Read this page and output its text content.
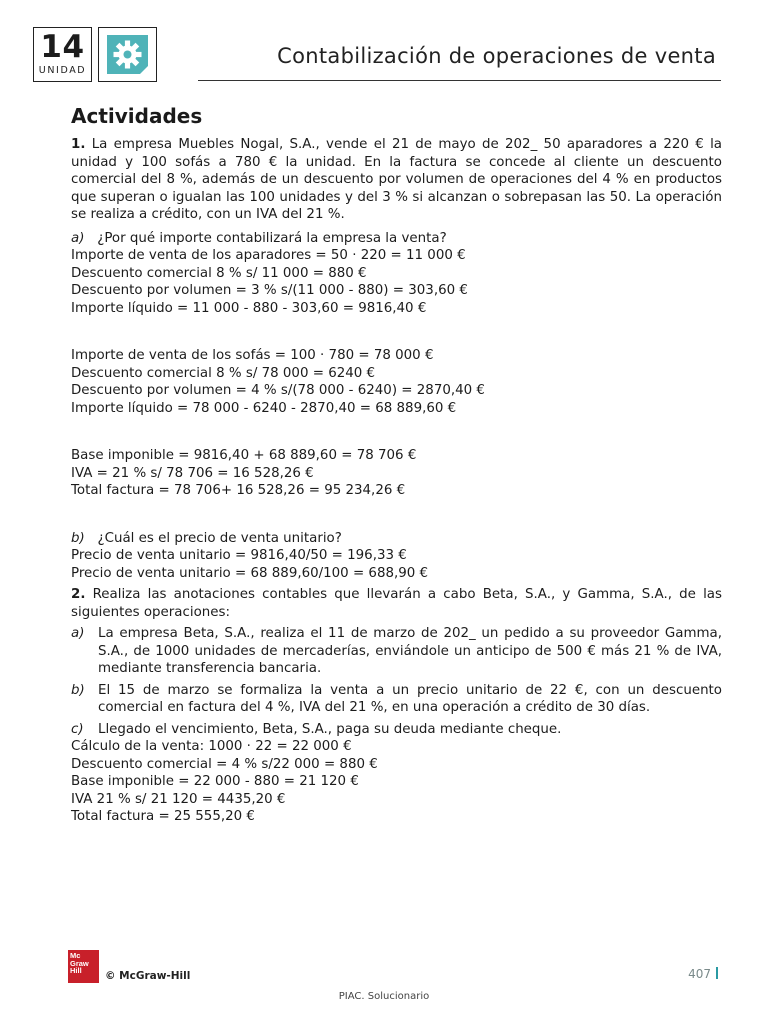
14
UNIDAD
Contabilización de operaciones de venta
Actividades

1. La empresa Muebles Nogal, S.A., vende el 21 de mayo de 202_ 50 aparadores a 220 € la unidad y 100 sofás a 780 € la unidad. En la factura se concede al cliente un descuento comercial del 8 %, además de un descuento por volumen de operaciones del 4 % en productos que superan o igualan las 100 unidades y del 3 % si alcanzan o sobrepasan las 50. La operación se realiza a crédito, con un IVA del 21 %.

a) ¿Por qué importe contabilizará la empresa la venta?

Importe de venta de los aparadores = 50 · 220 = 11 000 €

Descuento comercial 8 % s/ 11 000 = 880 €

Descuento por volumen = 3 % s/(11 000 - 880) = 303,60 €

Importe líquido = 11 000 - 880 - 303,60 = 9816,40 €

Importe de venta de los sofás = 100 · 780 = 78 000 €

Descuento comercial 8 % s/ 78 000 = 6240 €

Descuento por volumen = 4 % s/(78 000 - 6240) = 2870,40 €

Importe líquido = 78 000 - 6240 - 2870,40 = 68 889,60 €

Base imponible = 9816,40 + 68 889,60 = 78 706 €

IVA = 21 % s/ 78 706 = 16 528,26 €

Total factura = 78 706+ 16 528,26 = 95 234,26 €

b) ¿Cuál es el precio de venta unitario?

Precio de venta unitario = 9816,40/50 = 196,33 €

Precio de venta unitario = 68 889,60/100 = 688,90 €

2. Realiza las anotaciones contables que llevarán a cabo Beta, S.A., y Gamma, S.A., de las siguientes operaciones:

a)	La empresa Beta, S.A., realiza el 11 de marzo de 202_ un pedido a su proveedor Gamma, S.A., de 1000 unidades de mercaderías, enviándole un anticipo de 500 € más 21 % de IVA, mediante transferencia bancaria.
b) El 15 de marzo se formaliza la venta a un precio unitario de 22 €, con un descuento comercial en factura del 4 %, IVA del 21 %, en una operación a crédito de 30 días.
c)	Llegado el vencimiento, Beta, S.A., paga su deuda mediante cheque.

Cálculo de la venta: 1000 · 22 = 22 000 €

Descuento comercial = 4 % s/22 000 = 880 €

Base imponible = 22 000 - 880 = 21 120 €

IVA 21 % s/ 21 120 = 4435,20 €

Total factura = 25 555,20 €

Mc
Graw
Hill	© McGraw-Hill	407
PIAC. Solucionario
